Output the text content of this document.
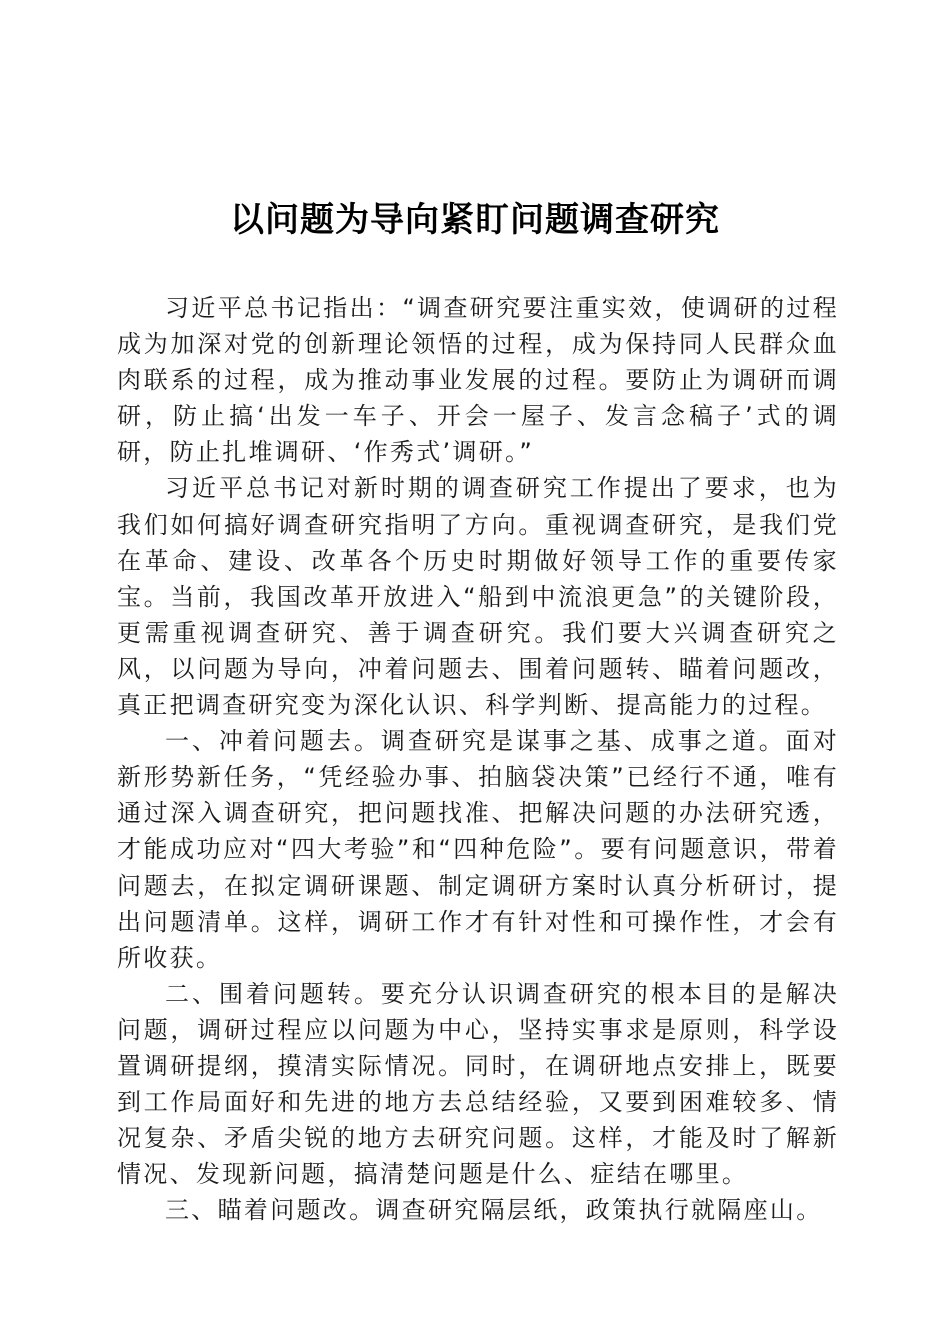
以问题为导向紧盯问题调查研究

习近平总书记指出：“调查研究要注重实效，使调研的过程成为加深对党的创新理论领悟的过程，成为保持同人民群众血肉联系的过程，成为推动事业发展的过程。要防止为调研而调研，防止搞‘出发一车子、开会一屋子、发言念稿子’式的调研，防止扎堆调研、‘作秀式’调研。”

习近平总书记对新时期的调查研究工作提出了要求，也为我们如何搞好调查研究指明了方向。重视调查研究，是我们党在革命、建设、改革各个历史时期做好领导工作的重要传家宝。当前，我国改革开放进入“船到中流浪更急”的关键阶段，更需重视调查研究、善于调查研究。我们要大兴调查研究之风，以问题为导向，冲着问题去、围着问题转、瞄着问题改，真正把调查研究变为深化认识、科学判断、提高能力的过程。

一、冲着问题去。调查研究是谋事之基、成事之道。面对新形势新任务，“凭经验办事、拍脑袋决策”已经行不通，唯有通过深入调查研究，把问题找准、把解决问题的办法研究透，才能成功应对“四大考验”和“四种危险”。要有问题意识，带着问题去，在拟定调研课题、制定调研方案时认真分析研讨，提出问题清单。这样，调研工作才有针对性和可操作性，才会有所收获。

二、围着问题转。要充分认识调查研究的根本目的是解决问题，调研过程应以问题为中心，坚持实事求是原则，科学设置调研提纲，摸清实际情况。同时，在调研地点安排上，既要到工作局面好和先进的地方去总结经验，又要到困难较多、情况复杂、矛盾尖锐的地方去研究问题。这样，才能及时了解新情况、发现新问题，搞清楚问题是什么、症结在哪里。

三、瞄着问题改。调查研究隔层纸，政策执行就隔座山。
